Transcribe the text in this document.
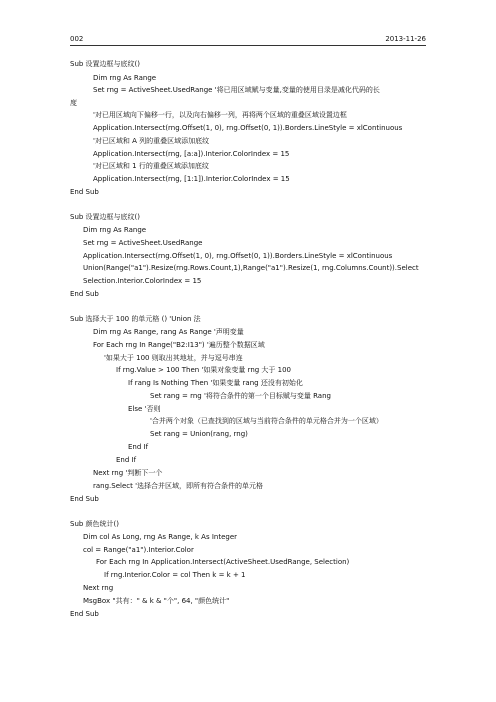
002	2013-11-26
Sub 设置边框与底纹()
Dim rng As Range
Set rng = ActiveSheet.UsedRange '将已用区域赋与变量,变量的使用目录是减化代码的长
度
'对已用区域向下偏移一行，以及向右偏移一列，再将两个区域的重叠区域设置边框
Application.Intersect(rng.Offset(1, 0), rng.Offset(0, 1)).Borders.LineStyle = xlContinuous
'对已区域和 A 列的重叠区域添加底纹
Application.Intersect(rng, [a:a]).Interior.ColorIndex = 15
'对已区域和 1 行的重叠区域添加底纹
Application.Intersect(rng, [1:1]).Interior.ColorIndex = 15
End Sub
Sub 设置边框与底纹()
Dim rng As Range
Set rng = ActiveSheet.UsedRange
Application.Intersect(rng.Offset(1, 0), rng.Offset(0, 1)).Borders.LineStyle = xlContinuous
Union(Range("a1").Resize(rng.Rows.Count,1),Range("a1").Resize(1, rng.Columns.Count)).Select
Selection.Interior.ColorIndex = 15
End Sub
Sub 选择大于 100 的单元格 () 'Union 法
Dim rng As Range, rang As Range '声明变量
For Each rng In Range("B2:I13") '遍历整个数据区域
'如果大于 100 则取出其地址，并与逗号串连
If rng.Value > 100 Then '如果对象变量 rng 大于 100
If rang Is Nothing Then '如果变量 rang 还没有初始化
Set rang = rng '将符合条件的第一个目标赋与变量 Rang
Else '否则
'合并两个对象（已查找到的区域与当前符合条件的单元格合并为一个区域）
Set rang = Union(rang, rng)
End If
End If
Next rng '判断下一个
rang.Select '选择合并区域，即所有符合条件的单元格
End Sub
Sub 颜色统计()
Dim col As Long, rng As Range, k As Integer
col = Range("a1").Interior.Color
For Each rng In Application.Intersect(ActiveSheet.UsedRange, Selection)
If rng.Interior.Color = col Then k = k + 1
Next rng
MsgBox "共有：" & k & "个", 64, "颜色统计"
End Sub
